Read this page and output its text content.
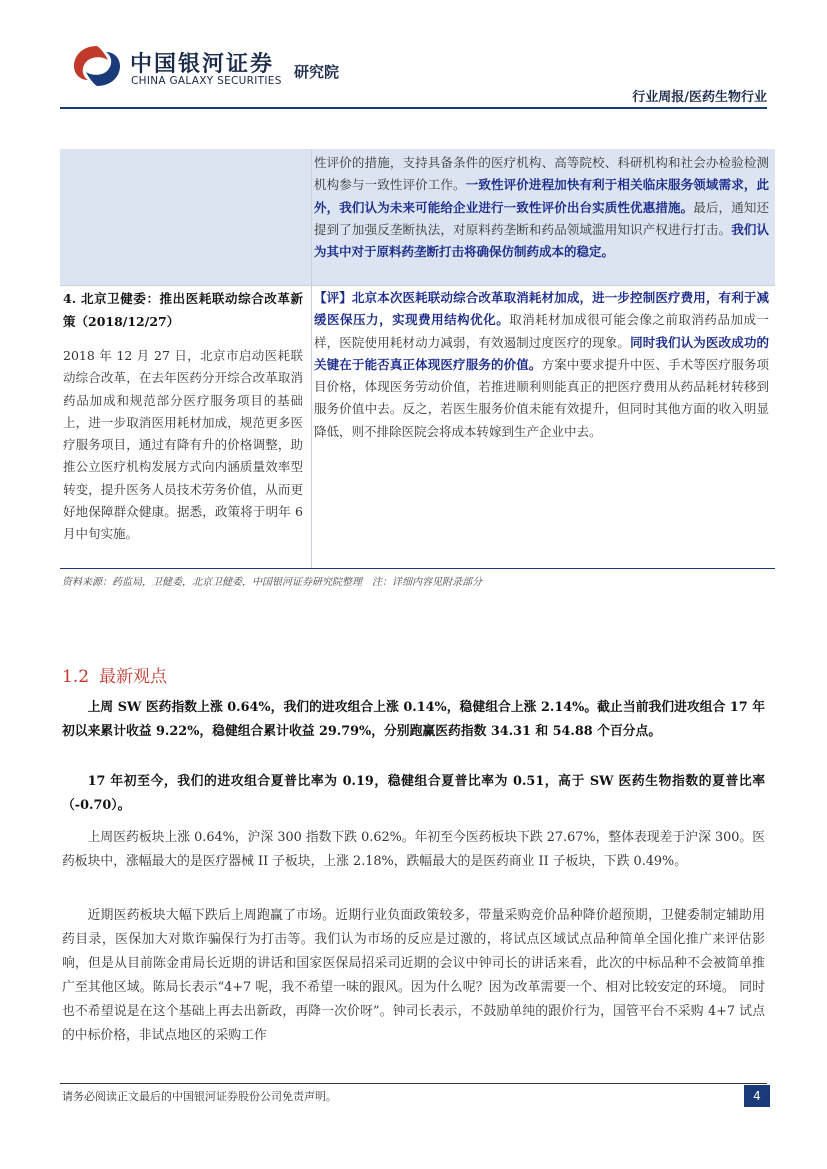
中国银河证券
CHINA GALAXY SECURITIES 研究院
行业周报/医药生物行业
性评价的措施，支持具备条件的医疗机构、高等院校、科研机构和社会办检验检测机构参与一致性评价工作。一致性评价进程加快有利于相关临床服务领域需求，此外，我们认为未来可能给企业进行一致性评价出台实质性优惠措施。最后，通知还提到了加强反垄断执法，对原料药垄断和药品领域滥用知识产权进行打击。我们认为其中对于原料药垄断打击将确保仿制药成本的稳定。
4. 北京卫健委：推出医耗联动综合改革新策（2018/12/27）
2018 年 12 月 27 日，北京市启动医耗联动综合改革，在去年医药分开综合改革取消药品加成和规范部分医疗服务项目的基础上，进一步取消医用耗材加成，规范更多医疗服务项目，通过有降有升的价格调整，助推公立医疗机构发展方式向内涵质量效率型转变，提升医务人员技术劳务价值，从而更好地保障群众健康。据悉，政策将于明年 6 月中旬实施。
【评】北京本次医耗联动综合改革取消耗材加成，进一步控制医疗费用，有利于减缓医保压力，实现费用结构优化。取消耗材加成很可能会像之前取消药品加成一样，医院使用耗材动力减弱，有效遏制过度医疗的现象。同时我们认为医改成功的关键在于能否真正体现医疗服务的价值。方案中要求提升中医、手术等医疗服务项目价格，体现医务劳动价值，若推进顺利则能真正的把医疗费用从药品耗材转移到服务价值中去。反之，若医生服务价值未能有效提升，但同时其他方面的收入明显降低，则不排除医院会将成本转嫁到生产企业中去。
资料来源：药监局，卫健委，北京卫健委，中国银河证券研究院整理　注：详细内容见附录部分
1.2 最新观点
上周 SW 医药指数上涨 0.64%，我们的进攻组合上涨 0.14%，稳健组合上涨 2.14%。截止当前我们进攻组合 17 年初以来累计收益 9.22%，稳健组合累计收益 29.79%，分别跑赢医药指数 34.31 和 54.88 个百分点。
17 年初至今，我们的进攻组合夏普比率为 0.19，稳健组合夏普比率为 0.51，高于 SW 医药生物指数的夏普比率（-0.70）。
上周医药板块上涨 0.64%，沪深 300 指数下跌 0.62%。年初至今医药板块下跌 27.67%，整体表现差于沪深 300。医药板块中，涨幅最大的是医疗器械 II 子板块，上涨 2.18%，跌幅最大的是医药商业 II 子板块，下跌 0.49%。
近期医药板块大幅下跌后上周跑赢了市场。近期行业负面政策较多，带量采购竞价品种降价超预期，卫健委制定辅助用药目录，医保加大对欺诈骗保行为打击等。我们认为市场的反应是过激的，将试点区域试点品种简单全国化推广来评估影响，但是从目前陈金甫局长近期的讲话和国家医保局招采司近期的会议中钟司长的讲话来看，此次的中标品种不会被简单推广至其他区域。陈局长表示“4+7 呢，我不希望一味的跟风。因为什么呢？因为改革需要一个、相对比较安定的环境。 同时也不希望说是在这个基础上再去出新政，再降一次价呀”。钟司长表示，不鼓励单纯的跟价行为，国管平台不采购 4+7 试点的中标价格，非试点地区的采购工作
请务必阅读正文最后的中国银河证券股份公司免责声明。	4
